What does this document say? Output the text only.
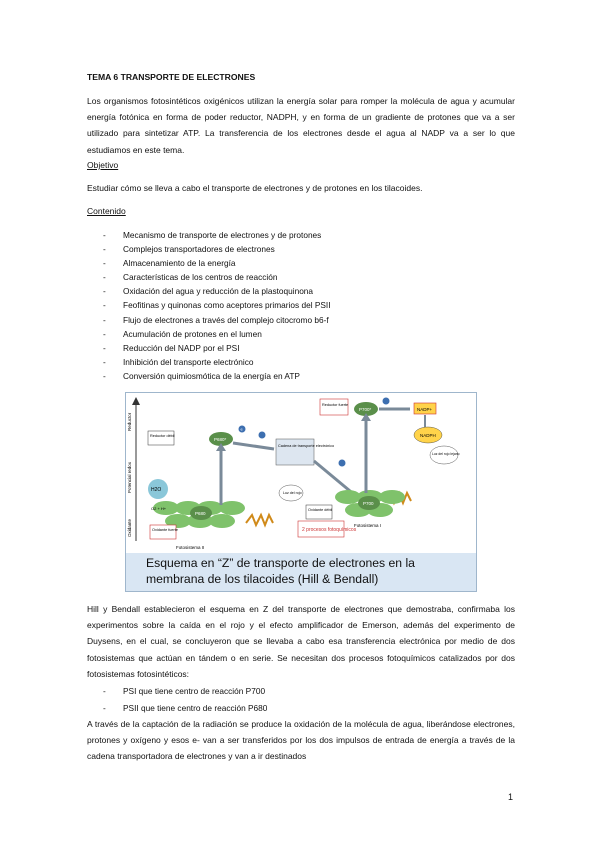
TEMA 6 TRANSPORTE DE ELECTRONES
Los organismos fotosintéticos oxigénicos utilizan la energía solar para romper la molécula de agua y acumular energía fotónica en forma de poder reductor, NADPH, y en forma de un gradiente de protones que va a ser utilizado para sintetizar ATP. La transferencia de los electrones desde el agua al NADP va a ser lo que estudiamos en este tema.
Objetivo
Estudiar cómo se lleva a cabo el transporte de electrones y de protones en los tilacoides.
Contenido
- Mecanismo de transporte de electrones y de protones
- Complejos transportadores de electrones
- Almacenamiento de la energía
- Características de los centros de reacción
- Oxidación del agua y reducción de la plastoquinona
- Feofitinas y quinonas como aceptores primarios del PSII
- Flujo de electrones a través del complejo citocromo b6-f
- Acumulación de protones en el lumen
- Reducción del NADP por el PSI
- Inhibición del transporte electrónico
- Conversión quimiosmótica de la energía en ATP
Reductor
Potencial redox
Oxidante
P680
Fotosistema II
P680*
e
Reductor débil
H2O
O2 + H+
Oxidante fuerte
Cadena de transporte electrónico
Luz del rojo
Oxidante débil
2 procesos fotoquímicos
P700
Fotosistema I
P700*
Reductor fuerte
NADP+
NADPH
Luz del rojo lejano
Esquema en “Z” de transporte de electrones en la
membrana de los tilacoides (Hill & Bendall)
Hill y Bendall establecieron el esquema en Z del transporte de electrones que demostraba, confirmaba los experimentos sobre la caída en el rojo y el efecto amplificador de Emerson, además del experimento de Duysens, en el cual, se concluyeron que se llevaba a cabo esa transferencia electrónica por medio de dos fotosistemas que actúan en tándem o en serie. Se necesitan dos procesos fotoquímicos catalizados por dos fotosistemas fotosintéticos:
- PSI que tiene centro de reacción P700
- PSII que tiene centro de reacción P680
A través de la captación de la radiación se produce la oxidación de la molécula de agua, liberándose electrones, protones y oxígeno y esos e- van a ser transferidos por los dos impulsos de entrada de energía a través de la cadena transportadora de electrones y van a ir destinados
1
